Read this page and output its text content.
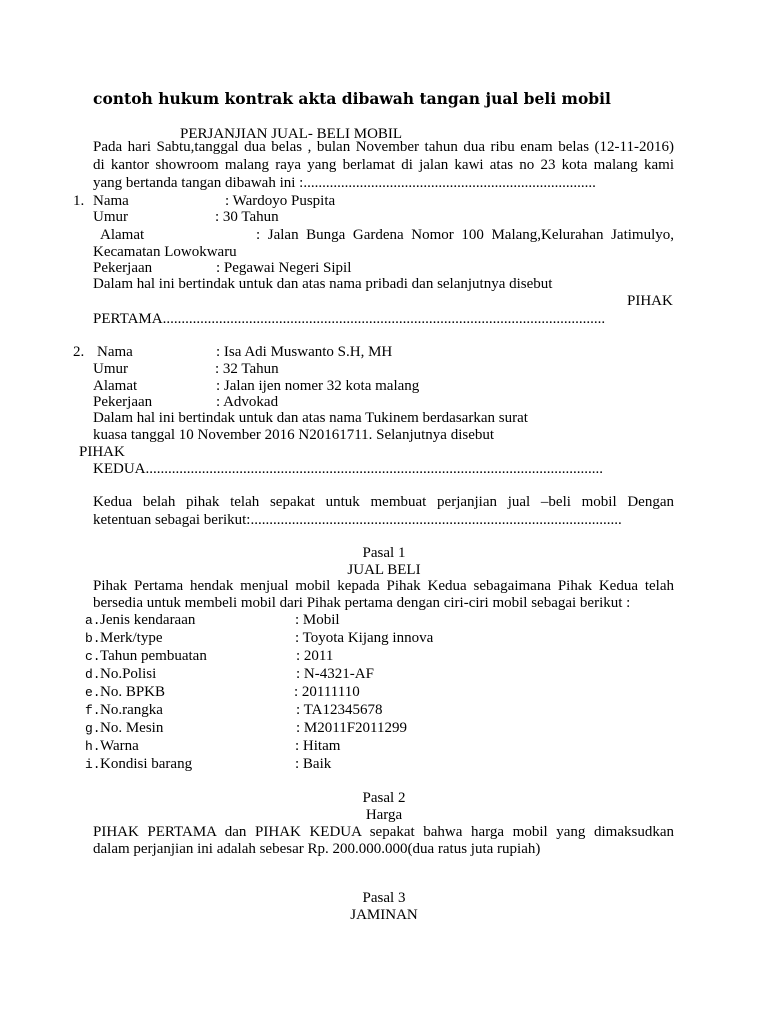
contoh hukum kontrak akta dibawah tangan jual beli mobil
PERJANJIAN JUAL- BELI MOBIL
Pada hari Sabtu,tanggal dua belas , bulan November tahun dua ribu enam belas (12-11-2016)
di kantor showroom malang raya yang berlamat di jalan kawi atas no 23 kota malang kami
yang bertanda tangan dibawah ini :..............................................................................
1. Nama	: Wardoyo Puspita
Umur	: 30 Tahun
Alamat	: Jalan Bunga Gardena Nomor 100 Malang,Kelurahan Jatimulyo,
Kecamatan Lowokwaru
Pekerjaan	: Pegawai Negeri Sipil
Dalam hal ini bertindak untuk dan atas nama pribadi dan selanjutnya disebut
PIHAK
PERTAMA......................................................................................................................
2. Nama	: Isa Adi Muswanto S.H, MH
Umur	: 32 Tahun
Alamat	: Jalan ijen nomer 32 kota malang
Pekerjaan	: Advokad
Dalam hal ini bertindak untuk dan atas nama Tukinem berdasarkan surat
kuasa tanggal 10 November 2016 N20161711. Selanjutnya disebut
PIHAK
KEDUA..........................................................................................................................
Kedua belah pihak telah sepakat untuk membuat perjanjian jual –beli mobil Dengan
ketentuan sebagai berikut:...................................................................................................
Pasal 1
JUAL BELI
Pihak Pertama hendak menjual mobil kepada Pihak Kedua sebagaimana Pihak Kedua telah
bersedia untuk membeli mobil dari Pihak pertama dengan ciri-ciri mobil sebagai berikut :
a. Jenis kendaraan	: Mobil
b. Merk/type	: Toyota Kijang innova
c. Tahun pembuatan	: 2011
d. No.Polisi	: N-4321-AF
e. No. BPKB	: 20111110
f. No.rangka	: TA12345678
g. No. Mesin	: M2011F2011299
h. Warna	: Hitam
i. Kondisi barang	: Baik
Pasal 2
Harga
PIHAK PERTAMA dan PIHAK KEDUA sepakat bahwa harga mobil yang dimaksudkan
dalam perjanjian ini adalah sebesar Rp. 200.000.000(dua ratus juta rupiah)
Pasal 3
JAMINAN
